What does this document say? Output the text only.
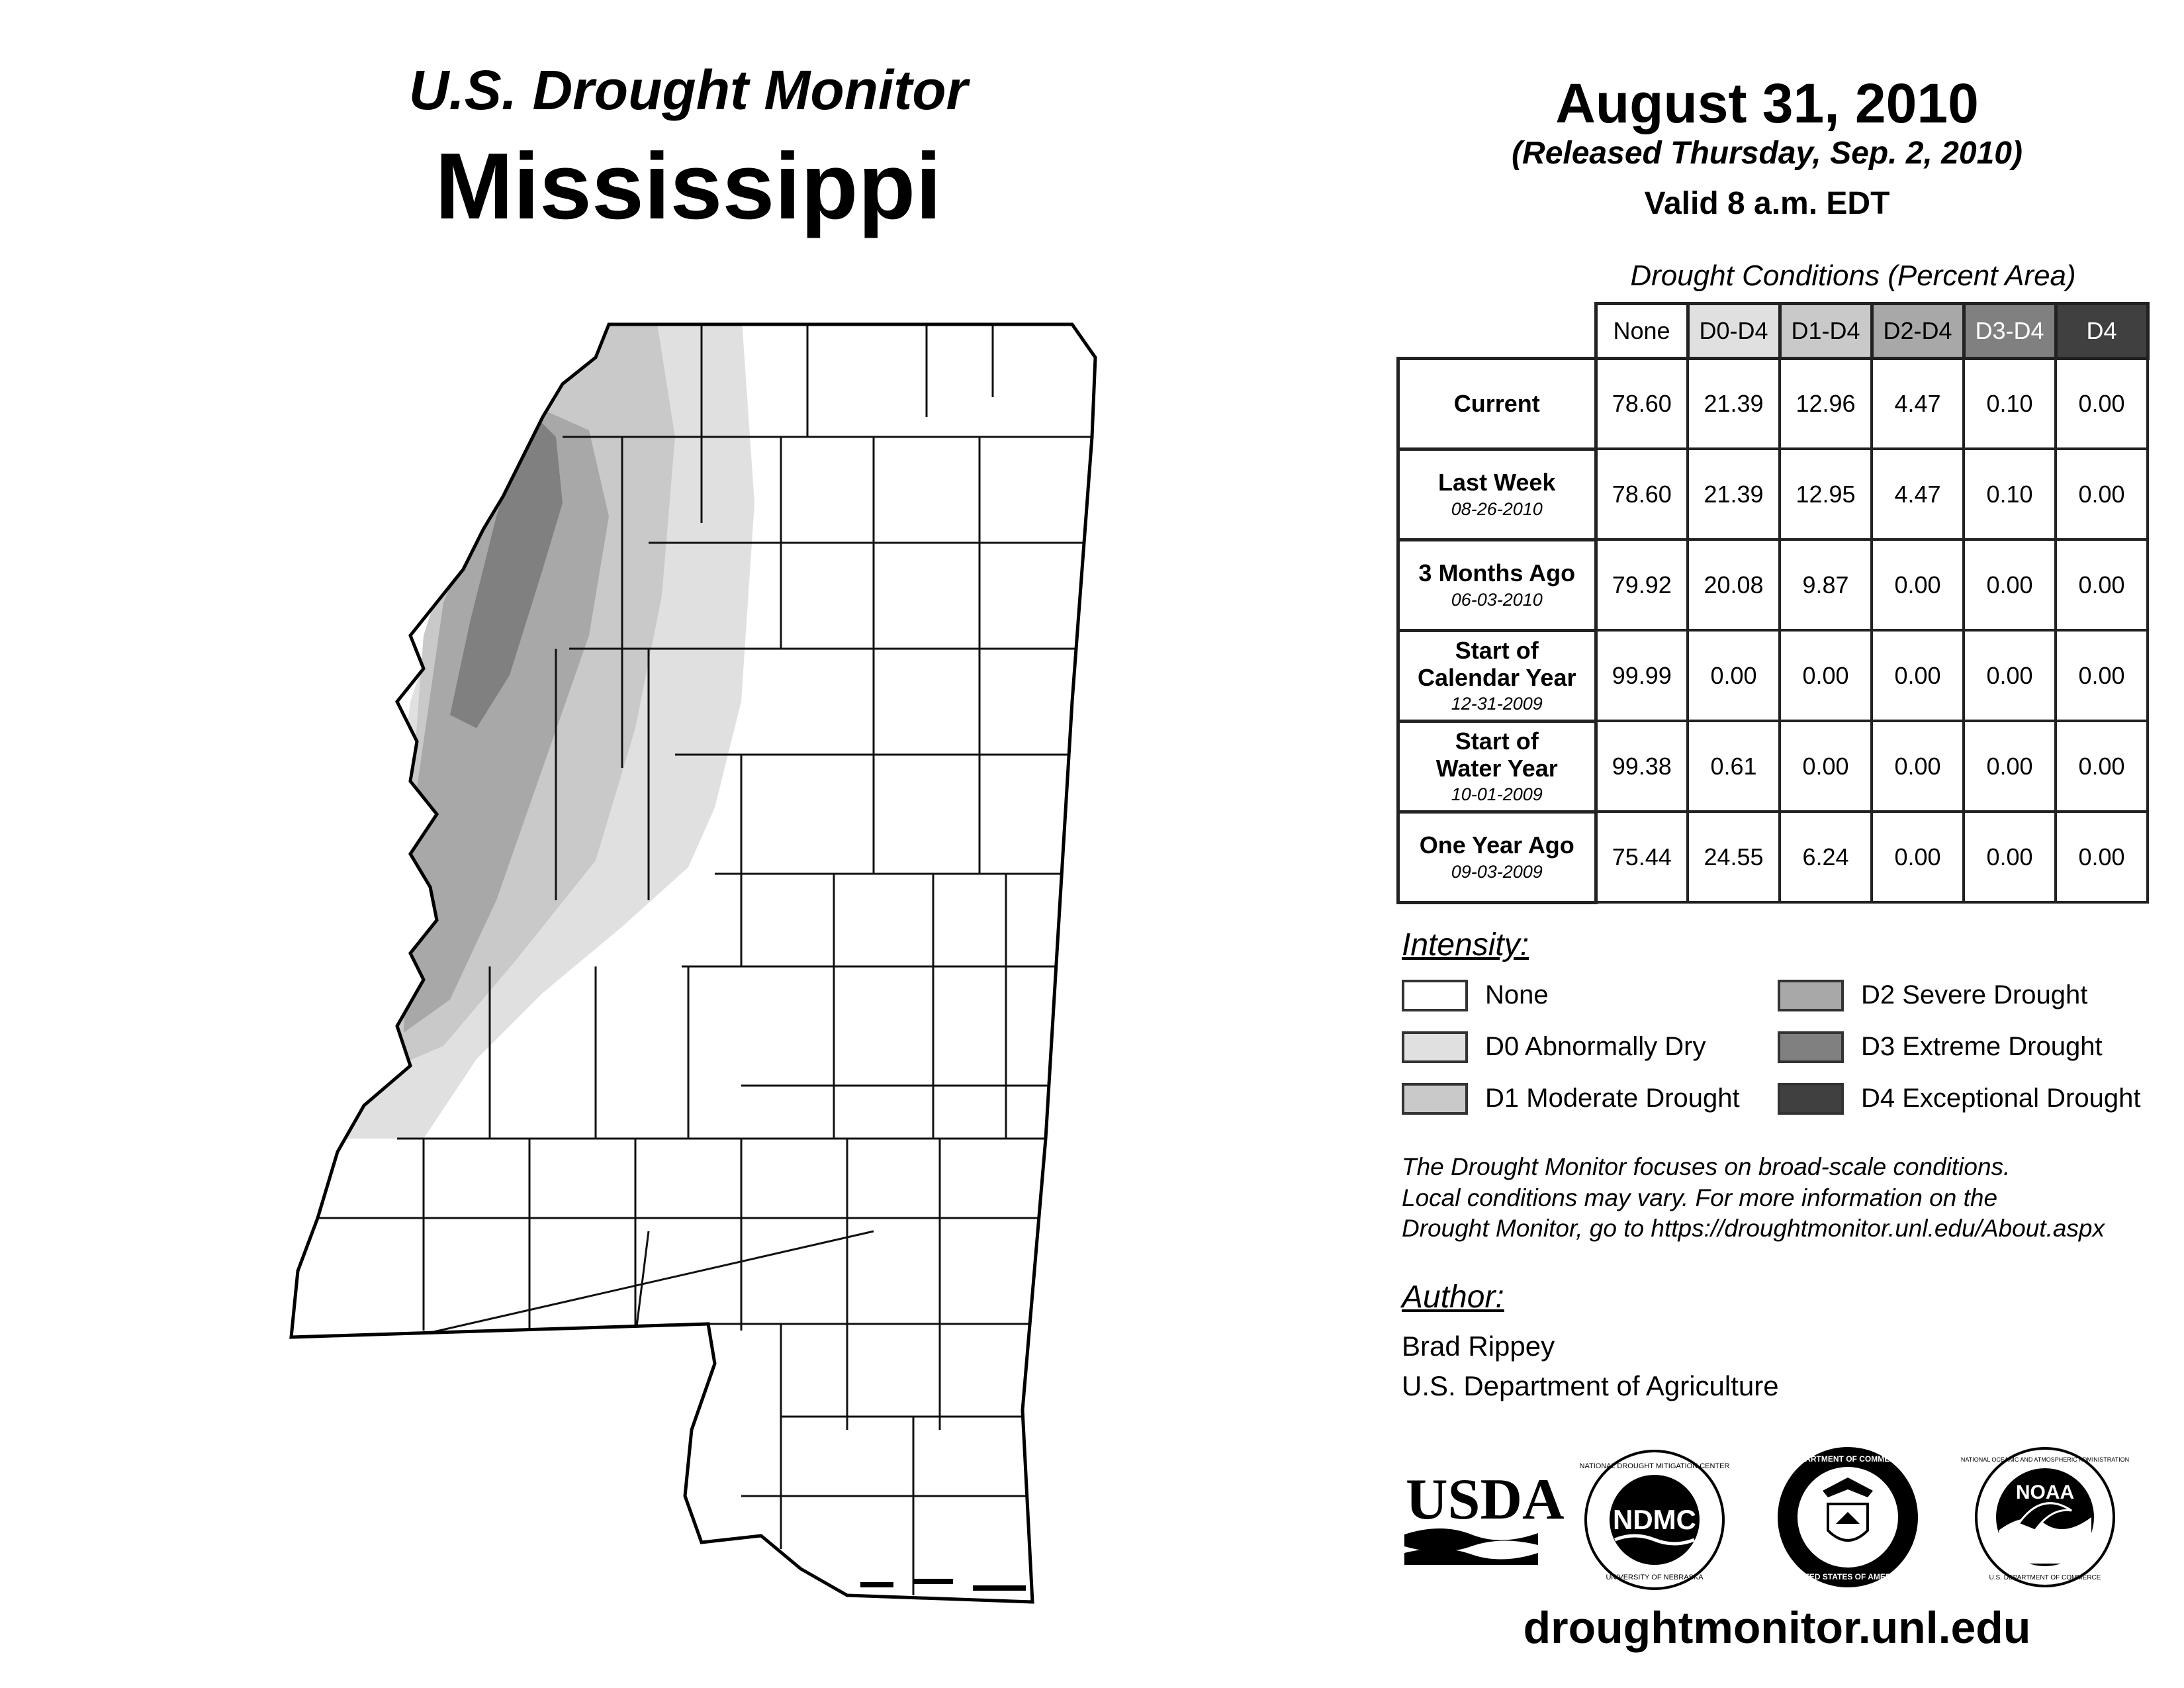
U.S. Drought Monitor
Mississippi
August 31, 2010
(Released Thursday, Sep. 2, 2010)
Valid 8 a.m. EDT
Drought Conditions (Percent Area)
	None	D0-D4	D1-D4	D2-D4	D3-D4	D4
Current	78.60	21.39	12.96	4.47	0.10	0.00
Last Week
08-26-2010	78.60	21.39	12.95	4.47	0.10	0.00
3 Months Ago
06-03-2010	79.92	20.08	9.87	0.00	0.00	0.00
Start of
Calendar Year
12-31-2009	99.99	0.00	0.00	0.00	0.00	0.00
Start of
Water Year
10-01-2009	99.38	0.61	0.00	0.00	0.00	0.00
One Year Ago
09-03-2009	75.44	24.55	6.24	0.00	0.00	0.00
Intensity:
None
D0 Abnormally Dry
D1 Moderate Drought
D2 Severe Drought
D3 Extreme Drought
D4 Exceptional Drought
The Drought Monitor focuses on broad-scale conditions.
Local conditions may vary. For more information on the
Drought Monitor, go to https://droughtmonitor.unl.edu/About.aspx
Author:
Brad Rippey
U.S. Department of Agriculture
USDA NDMC
NATIONAL DROUGHT MITIGATION CENTER
UNIVERSITY OF NEBRASKA
DEPARTMENT OF COMMERCE
UNITED STATES OF AMERICA
NOAA
NATIONAL OCEANIC AND ATMOSPHERIC ADMINISTRATION
U.S. DEPARTMENT OF COMMERCE
droughtmonitor.unl.edu
